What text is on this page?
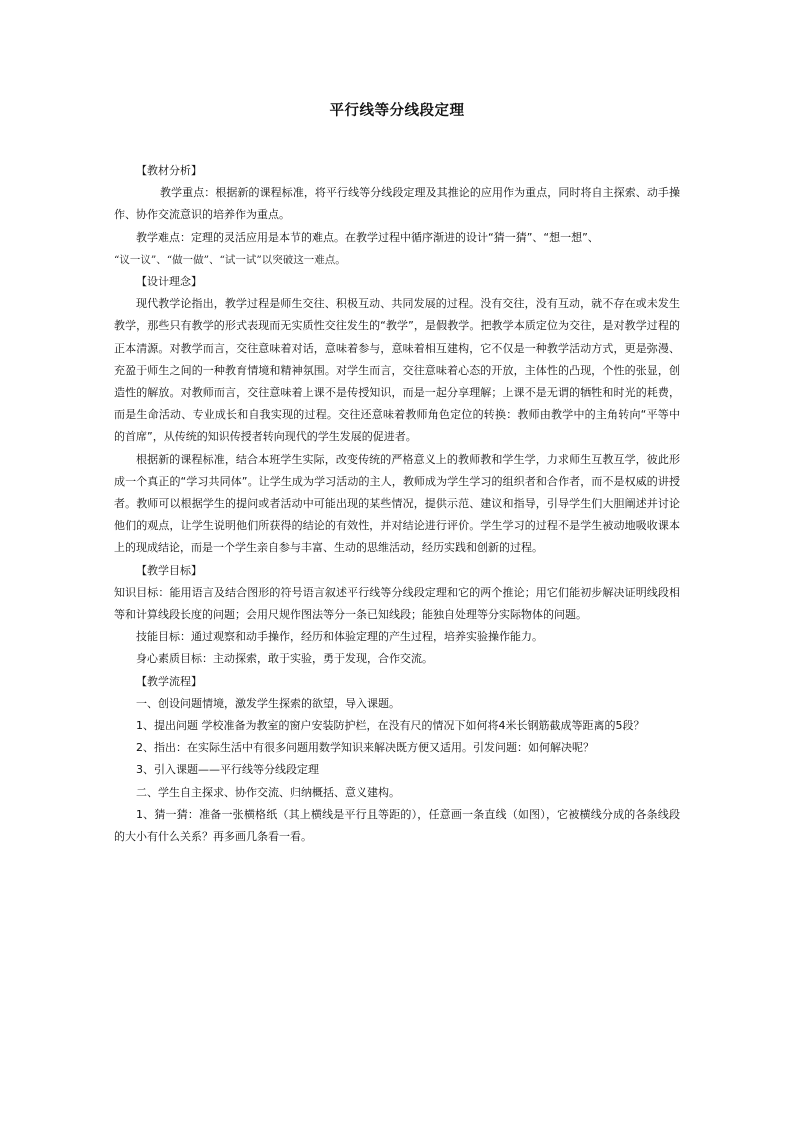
平行线等分线段定理

【教材分析】

教学重点：根据新的课程标准，将平行线等分线段定理及其推论的应用作为重点，同时将自主探索、动手操作、协作交流意识的培养作为重点。

教学难点：定理的灵活应用是本节的难点。在教学过程中循序渐进的设计“猜一猜”、“想一想”、

“议一议”、“做一做”、“试一试”以突破这一难点。

【设计理念】

现代教学论指出，教学过程是师生交往、积极互动、共同发展的过程。没有交往，没有互动，就不存在或未发生教学，那些只有教学的形式表现而无实质性交往发生的“教学”，是假教学。把教学本质定位为交往，是对教学过程的正本清源。对教学而言，交往意味着对话，意味着参与，意味着相互建构，它不仅是一种教学活动方式，更是弥漫、充盈于师生之间的一种教育情境和精神氛围。对学生而言，交往意味着心态的开放，主体性的凸现，个性的张显，创造性的解放。对教师而言，交往意味着上课不是传授知识，而是一起分享理解；上课不是无谓的牺牲和时光的耗费，而是生命活动、专业成长和自我实现的过程。交往还意味着教师角色定位的转换：教师由教学中的主角转向“平等中的首席”，从传统的知识传授者转向现代的学生发展的促进者。

根据新的课程标准，结合本班学生实际，改变传统的严格意义上的教师教和学生学，力求师生互教互学，彼此形成一个真正的“学习共同体”。让学生成为学习活动的主人，教师成为学生学习的组织者和合作者，而不是权威的讲授者。教师可以根据学生的提问或者活动中可能出现的某些情况，提供示范、建议和指导，引导学生们大胆阐述并讨论他们的观点，让学生说明他们所获得的结论的有效性，并对结论进行评价。学生学习的过程不是学生被动地吸收课本上的现成结论，而是一个学生亲自参与丰富、生动的思维活动，经历实践和创新的过程。

【教学目标】

知识目标：能用语言及结合图形的符号语言叙述平行线等分线段定理和它的两个推论；用它们能初步解决证明线段相等和计算线段长度的问题；会用尺规作图法等分一条已知线段；能独自处理等分实际物体的问题。

技能目标：通过观察和动手操作，经历和体验定理的产生过程，培养实验操作能力。

身心素质目标：主动探索，敢于实验，勇于发现，合作交流。

【教学流程】

一、创设问题情境，激发学生探索的欲望，导入课题。

1、提出问题 学校准备为教室的窗户安装防护栏，在没有尺的情况下如何将4米长钢筋截成等距离的5段？

2、指出：在实际生活中有很多问题用数学知识来解决既方便又适用。引发问题：如何解决呢？

3、引入课题——平行线等分线段定理

二、学生自主探求、协作交流、归纳概括、意义建构。

1、猜一猜：准备一张横格纸（其上横线是平行且等距的），任意画一条直线（如图），它被横线分成的各条线段的大小有什么关系？再多画几条看一看。
